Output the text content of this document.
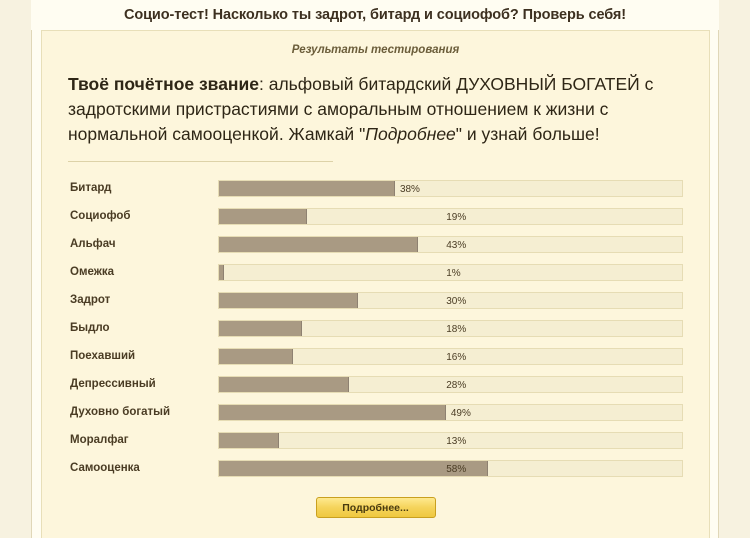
Социо-тест! Насколько ты задрот, битард и социофоб? Проверь себя!
Результаты тестирования
Твоё почётное звание: альфовый битардский ДУХОВНЫЙ БОГАТЕЙ с задротскими пристрастиями с аморальным отношением к жизни с нормальной самооценкой. Жамкай "Подробнее" и узнай больше!
Битард	38%
Социофоб	19%
Альфач	43%
Омежка	1%
Задрот	30%
Быдло	18%
Поехавший	16%
Депрессивный	28%
Духовно богатый	49%
Моралфаг	13%
Самооценка	58%
Подробнее...
